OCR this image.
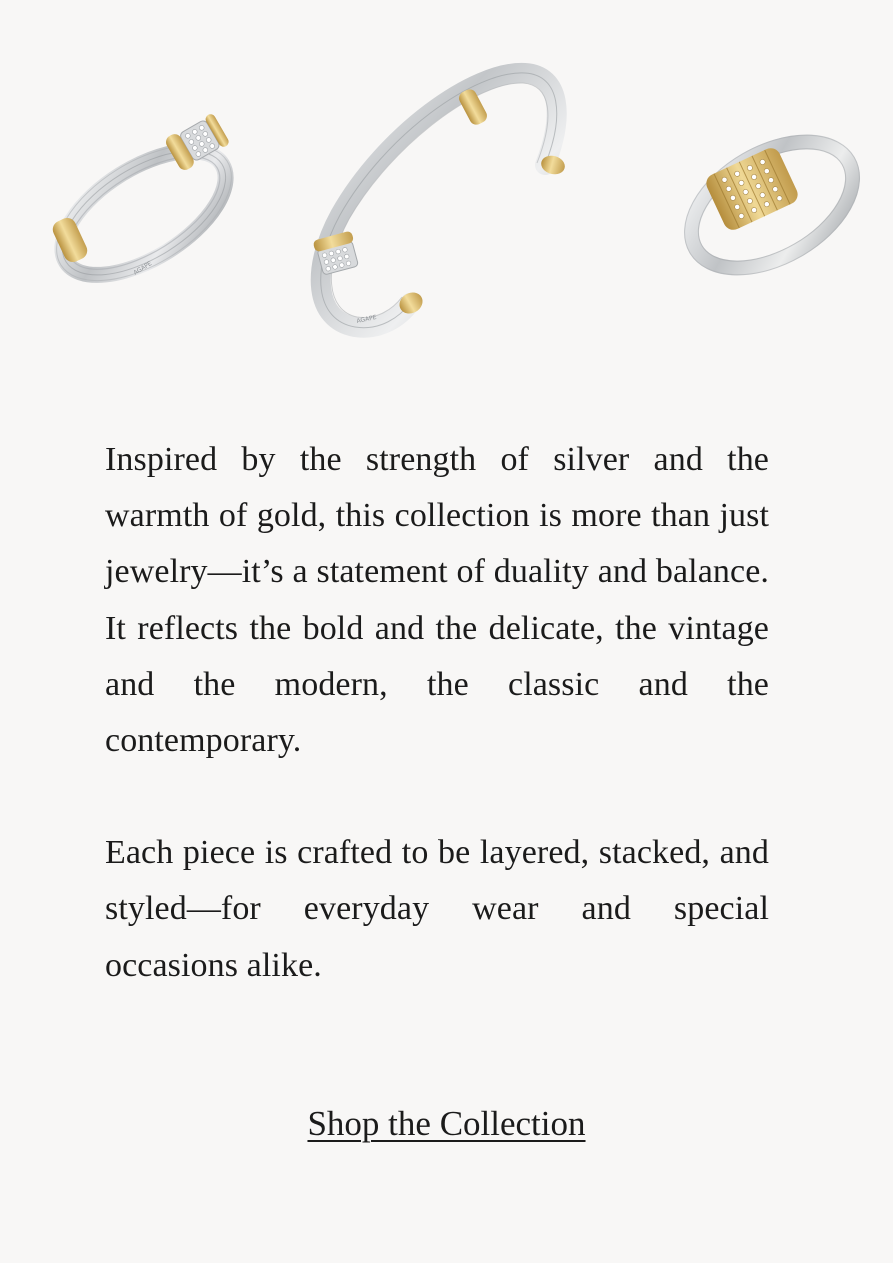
AGAPE
AGAPE

Inspired by the strength of silver and the warmth of gold, this collection is more than just jewelry—it’s a statement of duality and balance. It reflects the bold and the delicate, the vintage and the modern, the classic and the contemporary.

Each piece is crafted to be layered, stacked, and styled—for everyday wear and special occasions alike.

Shop the Collection
